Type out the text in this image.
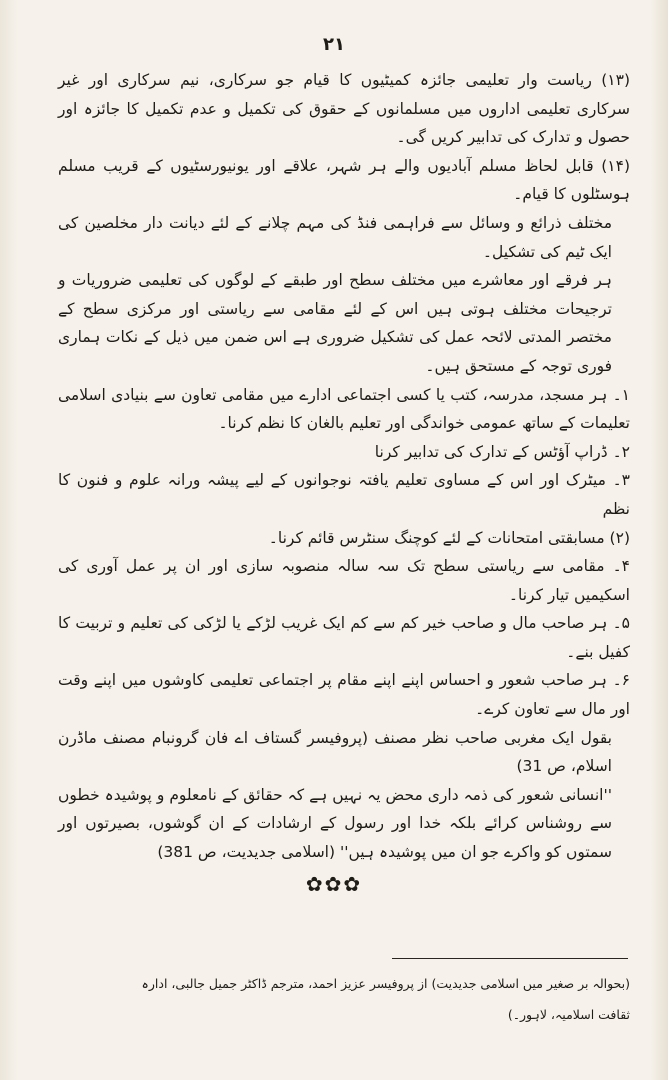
۲۱

(۱۳) ریاست وار تعلیمی جائزہ کمیٹیوں کا قیام جو سرکاری، نیم سرکاری اور غیر سرکاری تعلیمی اداروں میں مسلمانوں کے حقوق کی تکمیل و عدم تکمیل کا جائزہ اور حصول و تدارک کی تدابیر کریں گی۔

(۱۴) قابل لحاظ مسلم آبادیوں والے ہر شہر، علاقے اور یونیورسٹیوں کے قریب مسلم ہوسٹلوں کا قیام۔

مختلف ذرائع و وسائل سے فراہمی فنڈ کی مہم چلانے کے لئے دیانت دار مخلصین کی ایک ٹیم کی تشکیل۔

ہر فرقے اور معاشرے میں مختلف سطح اور طبقے کے لوگوں کی تعلیمی ضروریات و ترجیحات مختلف ہوتی ہیں اس کے لئے مقامی سے ریاستی اور مرکزی سطح کے مختصر المدتی لائحہ عمل کی تشکیل ضروری ہے اس ضمن میں ذیل کے نکات ہماری فوری توجہ کے مستحق ہیں۔

۱۔ ہر مسجد، مدرسہ، کتب یا کسی اجتماعی ادارے میں مقامی تعاون سے بنیادی اسلامی تعلیمات کے ساتھ عمومی خواندگی اور تعلیم بالغان کا نظم کرنا۔

۲۔ ڈراپ آؤٹس کے تدارک کی تدابیر کرنا

۳۔ میٹرک اور اس کے مساوی تعلیم یافتہ نوجوانوں کے لیے پیشہ ورانہ علوم و فنون کا نظم

(۲) مسابقتی امتحانات کے لئے کوچنگ سنٹرس قائم کرنا۔

۴۔ مقامی سے ریاستی سطح تک سہ سالہ منصوبہ سازی اور ان پر عمل آوری کی اسکیمیں تیار کرنا۔

۵۔ ہر صاحب مال و صاحب خیر کم سے کم ایک غریب لڑکے یا لڑکی کی تعلیم و تربیت کا کفیل بنے۔

۶۔ ہر صاحب شعور و احساس اپنے اپنے مقام پر اجتماعی تعلیمی کاوشوں میں اپنے وقت اور مال سے تعاون کرے۔

بقول ایک مغربی صاحب نظر مصنف (پروفیسر گستاف اے فان گرونبام مصنف ماڈرن اسلام، ص 31)

''انسانی شعور کی ذمہ داری محض یہ نہیں ہے کہ حقائق کے نامعلوم و پوشیدہ خطوں سے روشناس کرائے بلکہ خدا اور رسول کے ارشادات کے ان گوشوں، بصیرتوں اور سمتوں کو واکرے جو ان میں پوشیدہ ہیں'' (اسلامی جدیدیت، ص 381)

✿✿✿

(بحوالہ بر صغیر میں اسلامی جدیدیت) از پروفیسر عزیز احمد، مترجم ڈاکٹر جمیل جالبی، ادارہ

ثقافت اسلامیہ، لاہور۔)
